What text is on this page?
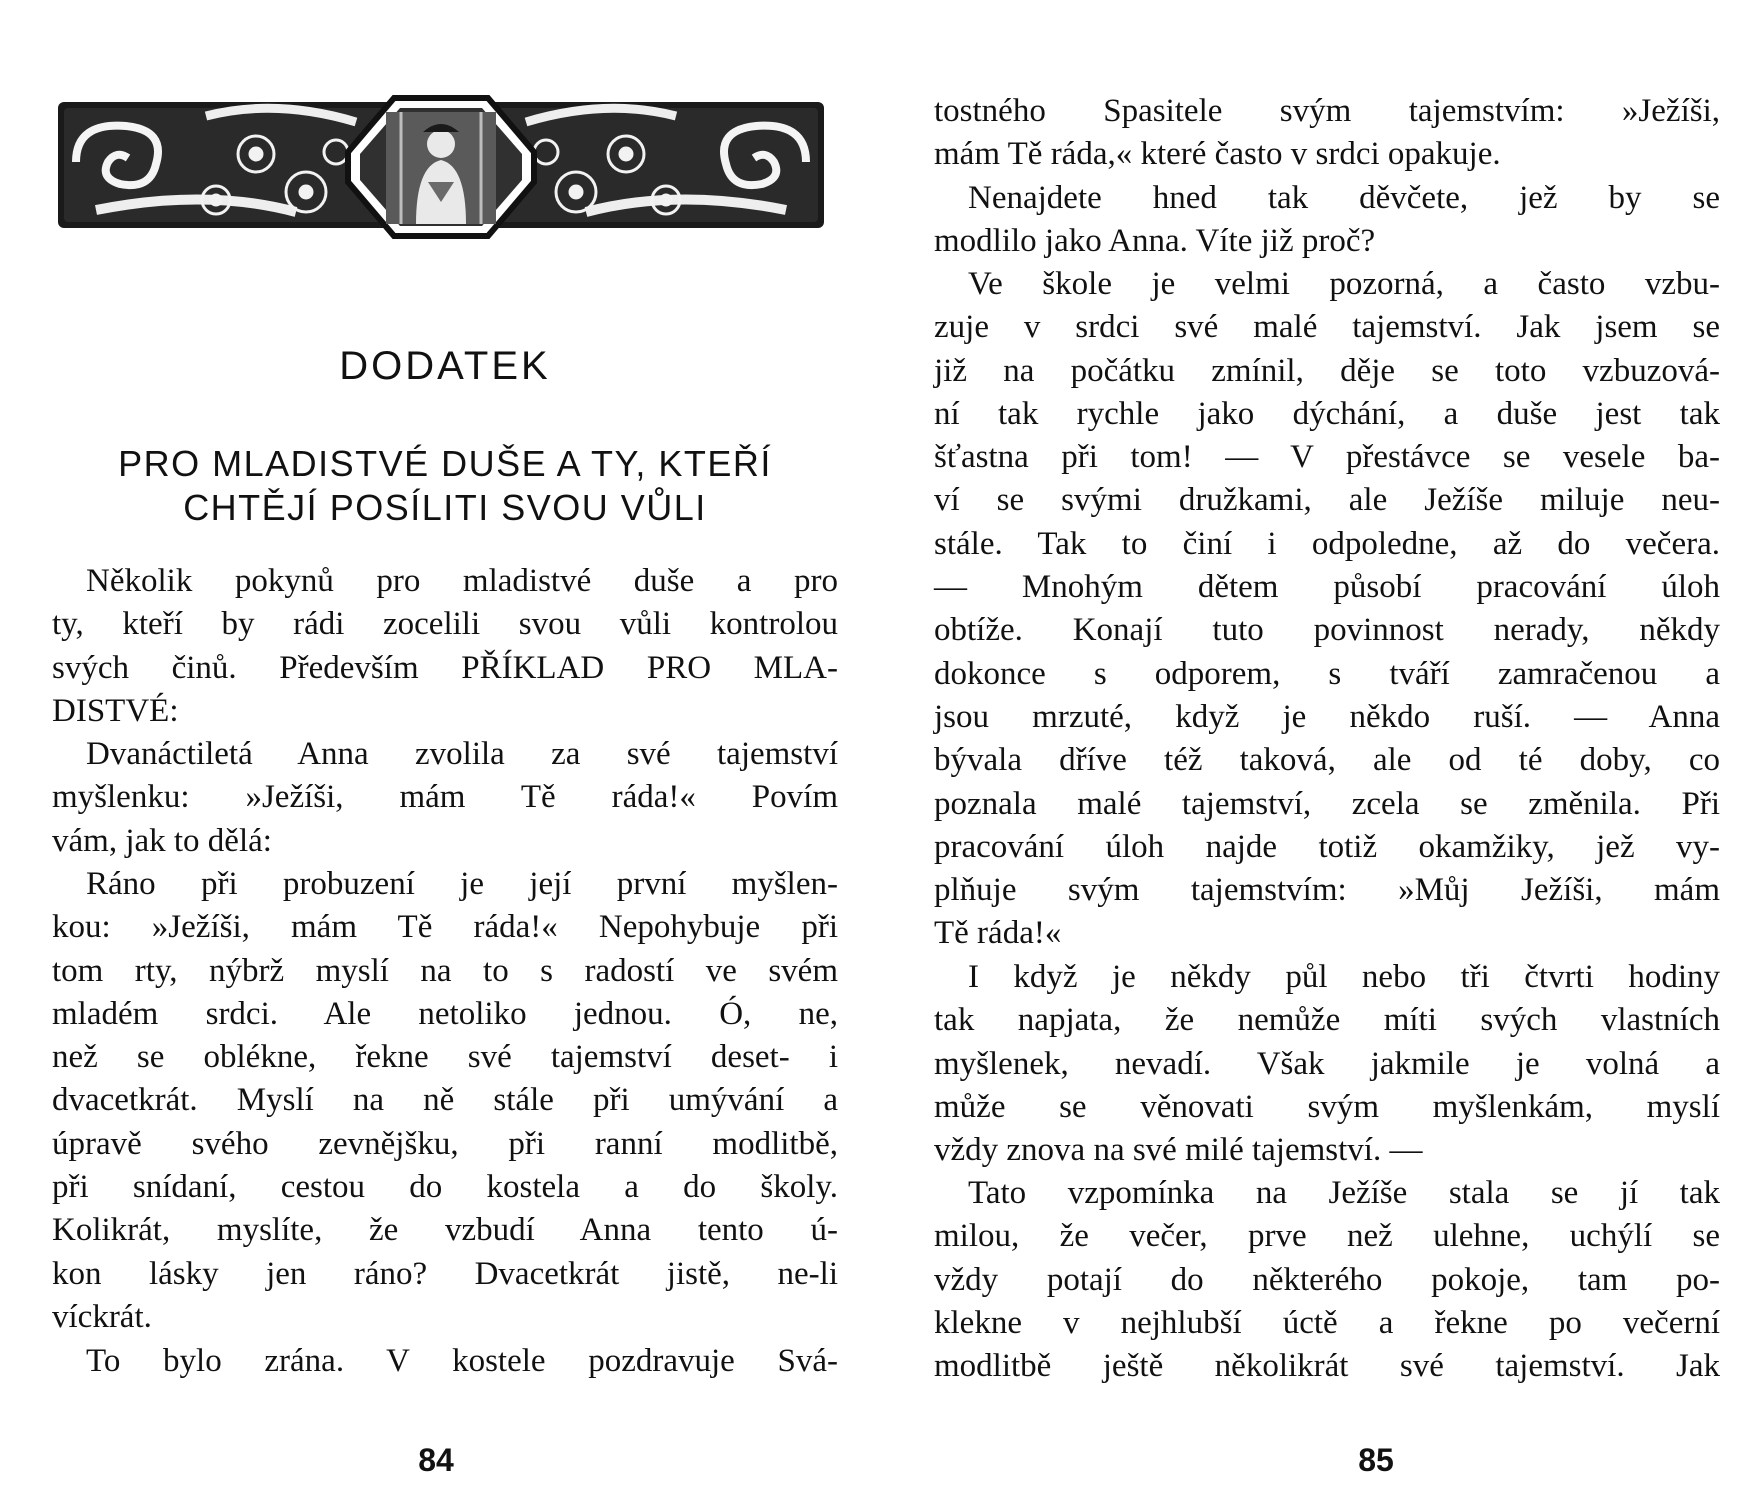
DODATEK
PRO MLADISTVÉ DUŠE A TY, KTEŘÍ
CHTĚJÍ POSÍLITI SVOU VŮLI
Několik pokynů pro mladistvé duše a pro
ty, kteří by rádi zocelili svou vůli kontrolou
svých činů. Především PŘÍKLAD PRO MLA-
DISTVÉ:
Dvanáctiletá Anna zvolila za své tajemství
myšlenku: »Ježíši, mám Tě ráda!« Povím
vám, jak to dělá:
Ráno při probuzení je její první myšlen-
kou: »Ježíši, mám Tě ráda!« Nepohybuje při
tom rty, nýbrž myslí na to s radostí ve svém
mladém srdci. Ale netoliko jednou. Ó, ne,
než se oblékne, řekne své tajemství deset- i
dvacetkrát. Myslí na ně stále při umývání a
úpravě svého zevnějšku, při ranní modlitbě,
při snídaní, cestou do kostela a do školy.
Kolikrát, myslíte, že vzbudí Anna tento ú-
kon lásky jen ráno? Dvacetkrát jistě, ne-li
víckrát.
To bylo zrána. V kostele pozdravuje Svá-
84
tostného Spasitele svým tajemstvím: »Ježíši,
mám Tě ráda,« které často v srdci opakuje.
Nenajdete hned tak děvčete, jež by se
modlilo jako Anna. Víte již proč?
Ve škole je velmi pozorná, a často vzbu-
zuje v srdci své malé tajemství. Jak jsem se
již na počátku zmínil, děje se toto vzbuzová-
ní tak rychle jako dýchání, a duše jest tak
šťastna při tom! — V přestávce se vesele ba-
ví se svými družkami, ale Ježíše miluje neu-
stále. Tak to činí i odpoledne, až do večera.
— Mnohým dětem působí pracování úloh
obtíže. Konají tuto povinnost nerady, někdy
dokonce s odporem, s tváří zamračenou a
jsou mrzuté, když je někdo ruší. — Anna
bývala dříve též taková, ale od té doby, co
poznala malé tajemství, zcela se změnila. Při
pracování úloh najde totiž okamžiky, jež vy-
plňuje svým tajemstvím: »Můj Ježíši, mám
Tě ráda!«
I když je někdy půl nebo tři čtvrti hodiny
tak napjata, že nemůže míti svých vlastních
myšlenek, nevadí. Však jakmile je volná a
může se věnovati svým myšlenkám, myslí
vždy znova na své milé tajemství. —
Tato vzpomínka na Ježíše stala se jí tak
milou, že večer, prve než ulehne, uchýlí se
vždy potají do některého pokoje, tam po-
klekne v nejhlubší úctě a řekne po večerní
modlitbě ještě několikrát své tajemství. Jak
85
